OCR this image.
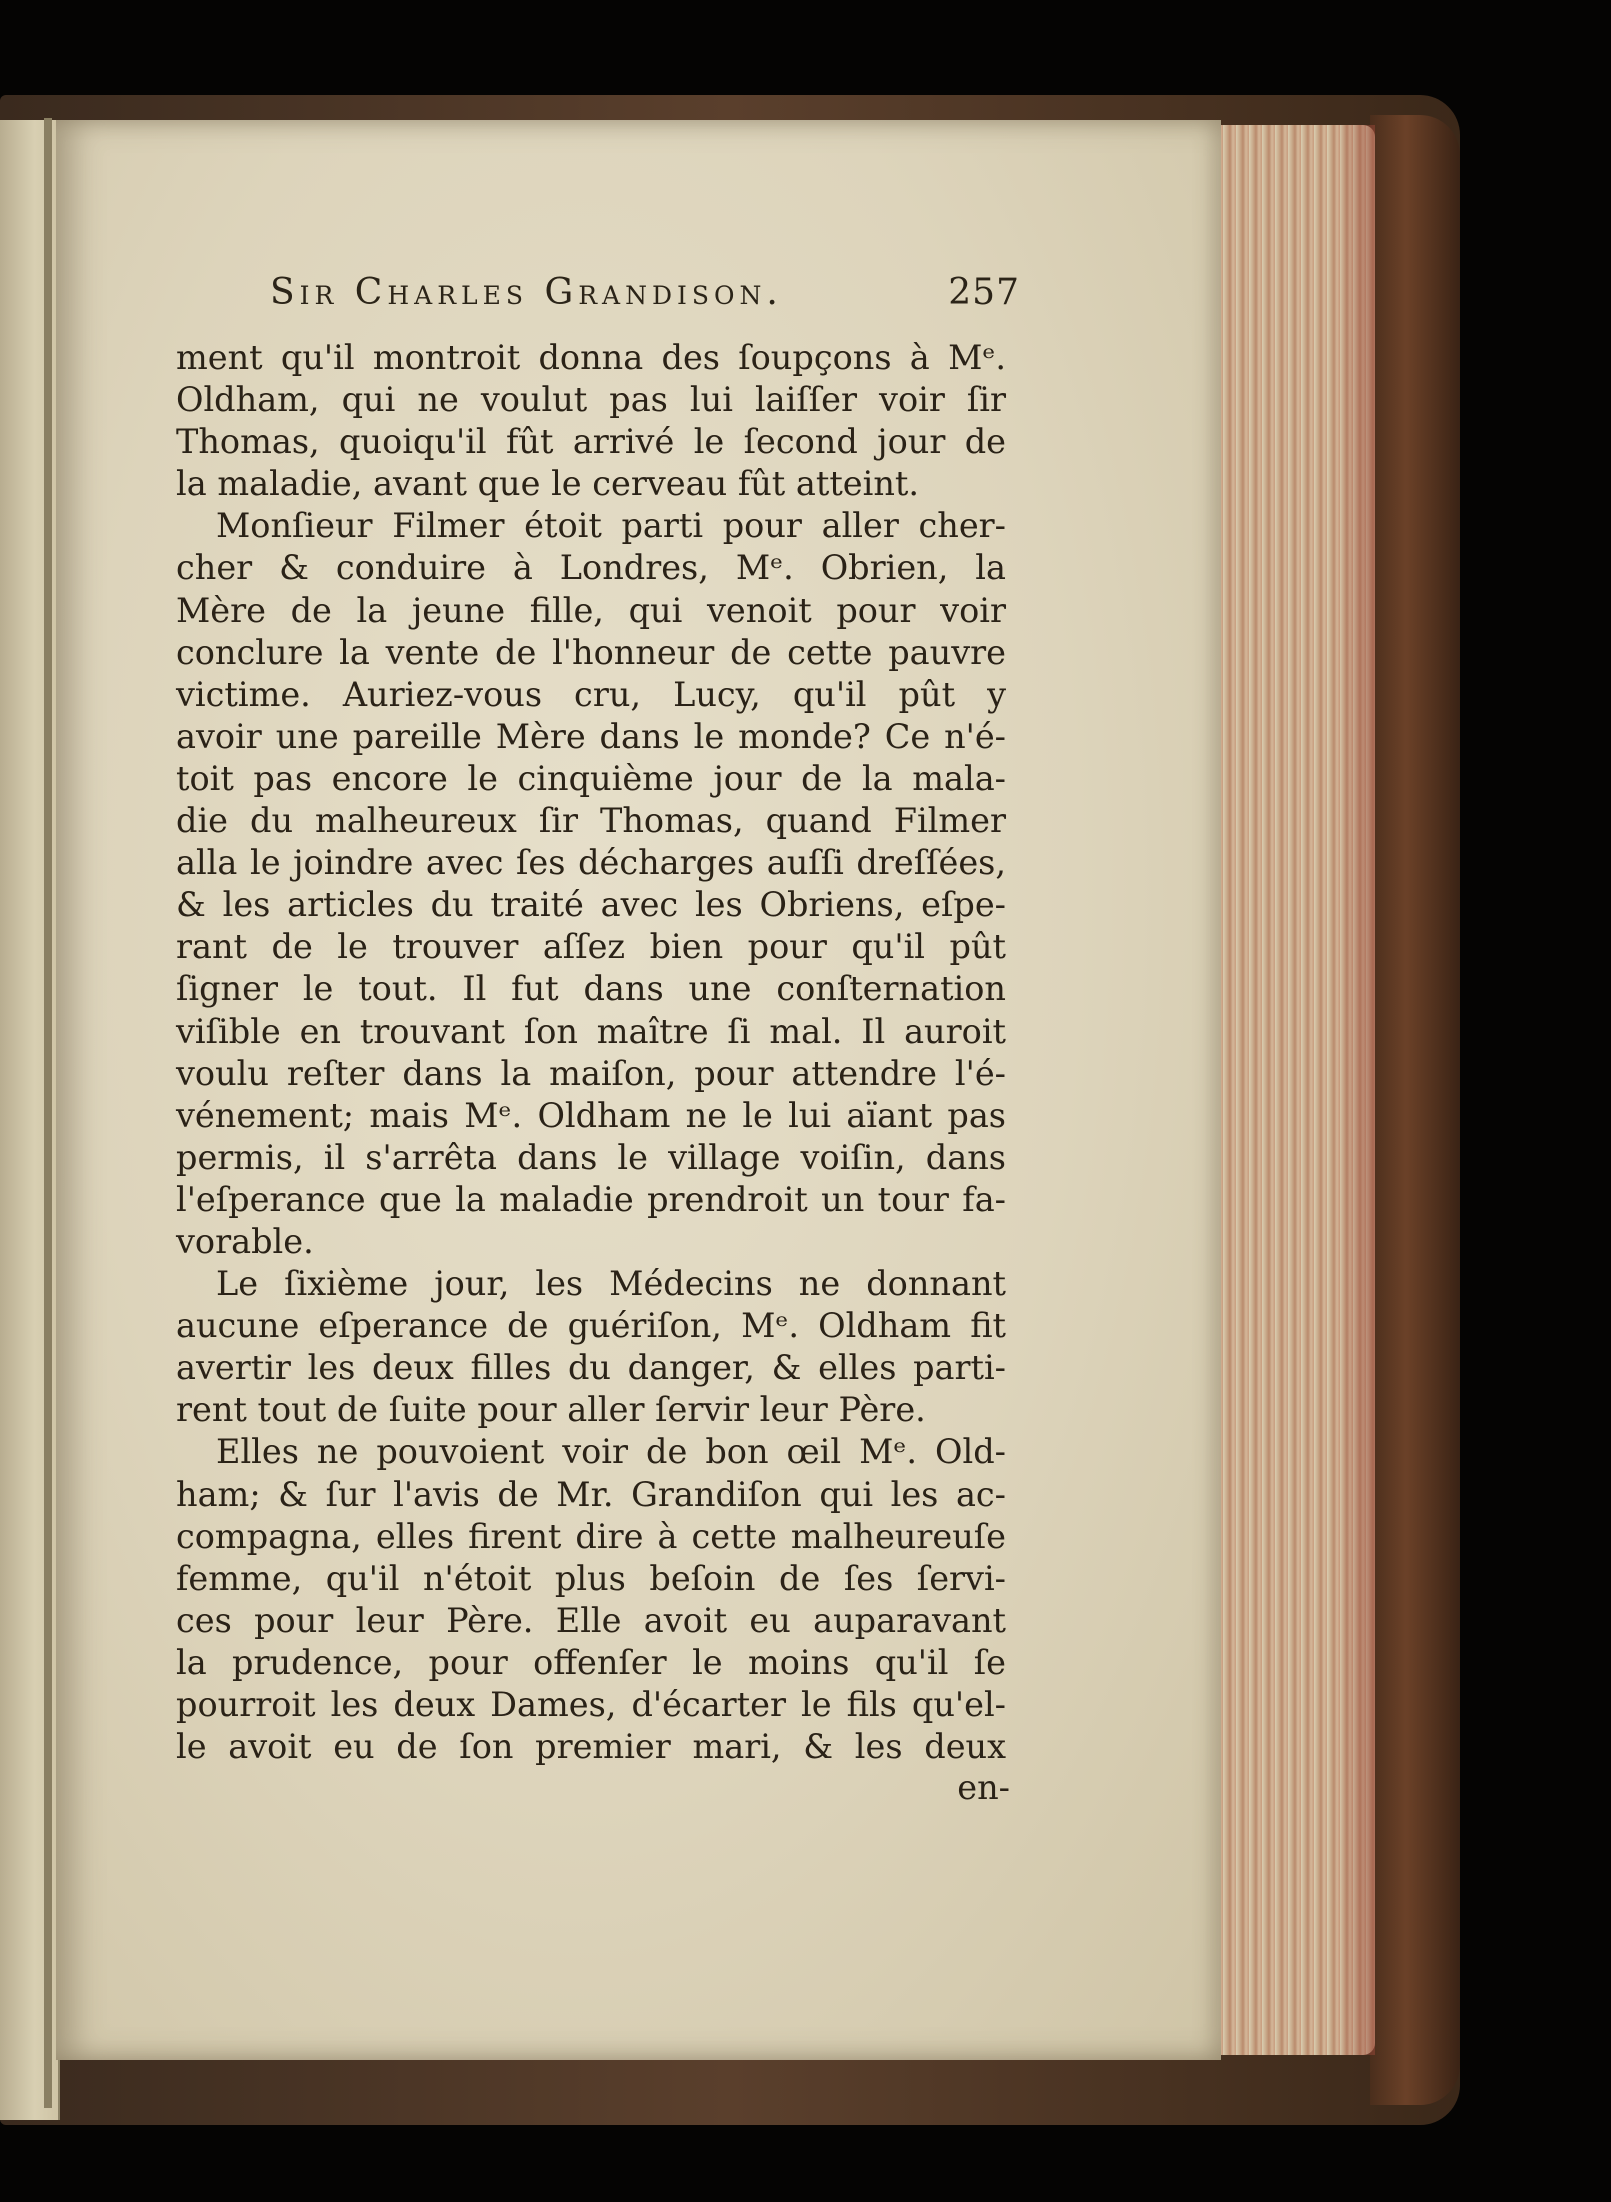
Sir Charles Grandison.	257
ment qu'il montroit donna des ſoupçons à Mᵉ.
Oldham, qui ne voulut pas lui laiſſer voir ſir
Thomas, quoiqu'il fût arrivé le ſecond jour de
la maladie, avant que le cerveau fût atteint.
Monſieur Filmer étoit parti pour aller cher-
cher & conduire à Londres, Mᵉ. Obrien, la
Mère de la jeune fille, qui venoit pour voir
conclure la vente de l'honneur de cette pauvre
victime. Auriez-vous cru, Lucy, qu'il pût y
avoir une pareille Mère dans le monde? Ce n'é-
toit pas encore le cinquième jour de la mala-
die du malheureux ſir Thomas, quand Filmer
alla le joindre avec ſes décharges auſſi dreſſées,
& les articles du traité avec les Obriens, eſpe-
rant de le trouver aſſez bien pour qu'il pût
ſigner le tout. Il fut dans une conſternation
viſible en trouvant ſon maître ſi mal. Il auroit
voulu reſter dans la maiſon, pour attendre l'é-
vénement; mais Mᵉ. Oldham ne le lui aïant pas
permis, il s'arrêta dans le village voiſin, dans
l'eſperance que la maladie prendroit un tour fa-
vorable.
Le ſixième jour, les Médecins ne donnant
aucune eſperance de guériſon, Mᵉ. Oldham fit
avertir les deux filles du danger, & elles parti-
rent tout de ſuite pour aller ſervir leur Père.
Elles ne pouvoient voir de bon œil Mᵉ. Old-
ham; & ſur l'avis de Mr. Grandiſon qui les ac-
compagna, elles firent dire à cette malheureuſe
femme, qu'il n'étoit plus beſoin de ſes ſervi-
ces pour leur Père. Elle avoit eu auparavant
la prudence, pour offenſer le moins qu'il ſe
pourroit les deux Dames, d'écarter le fils qu'el-
le avoit eu de ſon premier mari, & les deux
en-
